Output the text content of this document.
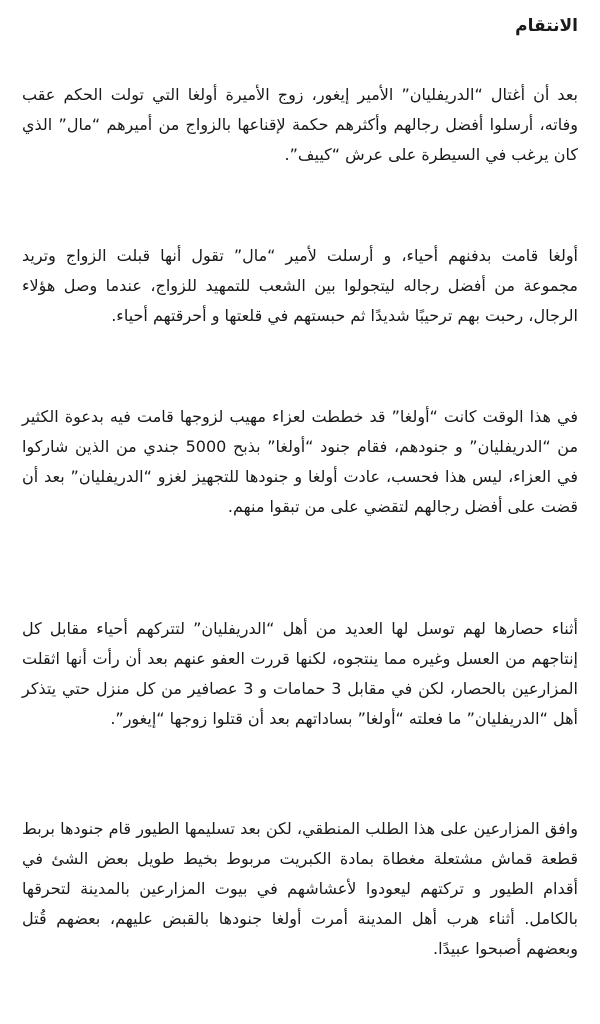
الانتقام

بعد أن أغتال “الدريفليان” الأمير إيغور، زوج الأميرة أولغا التي تولت الحكم عقب وفاته، أرسلوا أفضل رجالهم وأكثرهم حكمة لإقناعها بالزواج من أميرهم “مال” الذي كان يرغب في السيطرة على عرش “كييف”.

أولغا قامت بدفنهم أحياء، و أرسلت لأمير “مال” تقول أنها قبلت الزواج وتريد مجموعة من أفضل رجاله ليتجولوا بين الشعب للتمهيد للزواج، عندما وصل هؤلاء الرجال، رحبت بهم ترحيبًا شديدًا ثم حبستهم في قلعتها و أحرقتهم أحياء.

في هذا الوقت كانت “أولغا” قد خططت لعزاء مهيب لزوجها قامت فيه بدعوة الكثير من “الدريفليان” و جنودهم، فقام جنود “أولغا” بذبح 5000 جندي من الذين شاركوا في العزاء، ليس هذا فحسب، عادت أولغا و جنودها للتجهيز لغزو “الدريفليان” بعد أن قضت على أفضل رجالهم لتقضي على من تبقوا منهم.

أثناء حصارها لهم توسل لها العديد من أهل “الدريفليان” لتتركهم أحياء مقابل كل إنتاجهم من العسل وغيره مما ينتجوه، لكنها قررت العفو عنهم بعد أن رأت أنها اثقلت المزارعين بالحصار، لكن في مقابل 3 حمامات و 3 عصافير من كل منزل حتي يتذكر أهل “الدريفليان” ما فعلته “أولغا” بساداتهم بعد أن قتلوا زوجها “إيغور”.

وافق المزارعين على هذا الطلب المنطقي، لكن بعد تسليمها الطيور قام جنودها بربط قطعة قماش مشتعلة مغطاة بمادة الكبريت مربوط بخيط طويل بعض الشئ في أقدام الطيور و تركتهم ليعودوا لأعشاشهم في بيوت المزارعين بالمدينة لتحرقها بالكامل. أثناء هرب أهل المدينة أمرت أولغا جنودها بالقبض عليهم، بعضهم قُتل وبعضهم أصبحوا عبيدًا.
